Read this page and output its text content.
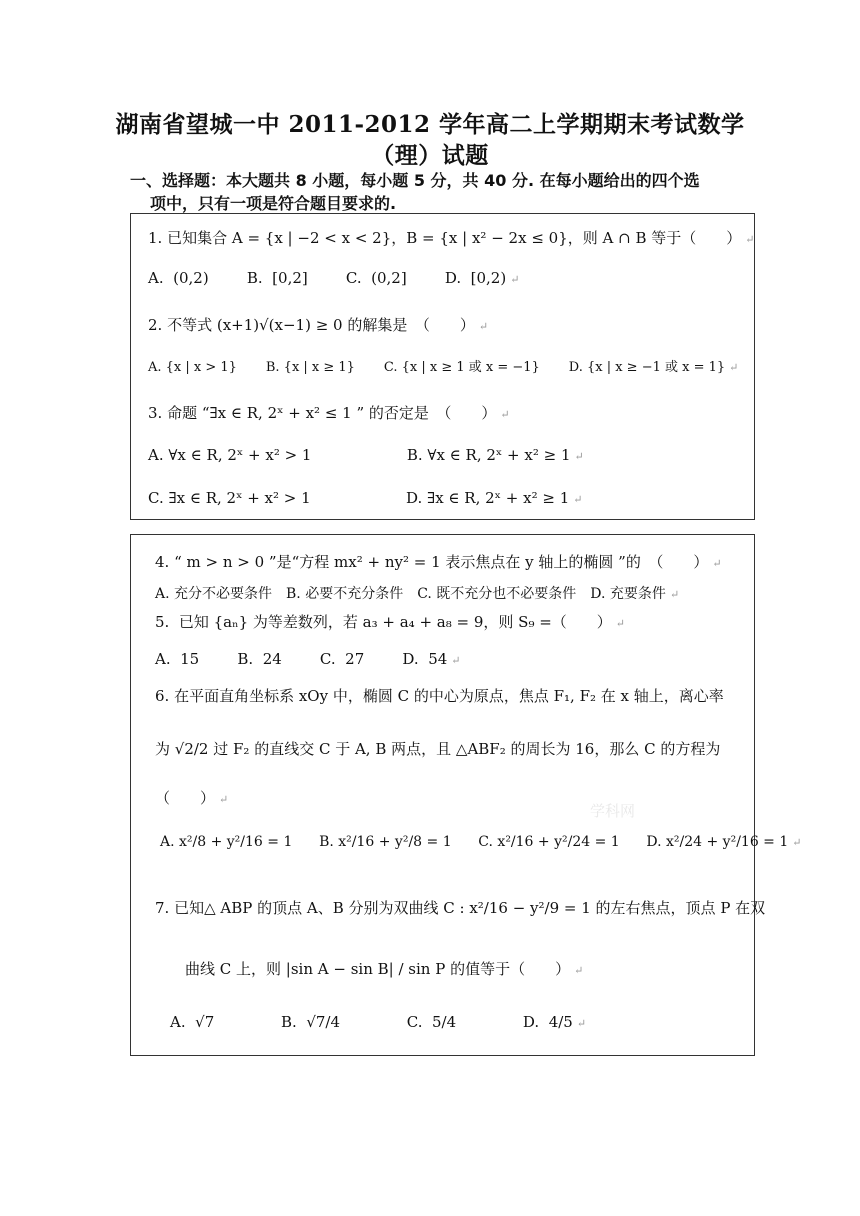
湖南省望城一中 2011-2012 学年高二上学期期末考试数学
（理）试题
一、选择题：本大题共 8 小题，每小题 5 分，共 40 分. 在每小题给出的四个选
项中，只有一项是符合题目要求的.
1. 已知集合 A = {x | −2 < x < 2}，B = {x | x² − 2x ≤ 0}，则 A ∩ B 等于（　　） ↵
A.  (0,2)        B.  [0,2]        C.  (0,2]        D.  [0,2) ↵
2. 不等式 (x+1)√(x−1) ≥ 0 的解集是　（　　） ↵
A. {x | x > 1}       B. {x | x ≥ 1}       C. {x | x ≥ 1 或 x = −1}       D. {x | x ≥ −1 或 x = 1} ↵
3. 命题 “∃x ∈ R, 2ˣ + x² ≤ 1 ” 的否定是　（　　） ↵
A. ∀x ∈ R, 2ˣ + x² > 1                    B. ∀x ∈ R, 2ˣ + x² ≥ 1 ↵
C. ∃x ∈ R, 2ˣ + x² > 1                    D. ∃x ∈ R, 2ˣ + x² ≥ 1 ↵
4. “ m > n > 0 ”是“方程 mx² + ny² = 1 表示焦点在 y 轴上的椭圆 ”的　（　　） ↵
A. 充分不必要条件　B. 必要不充分条件　C. 既不充分也不必要条件　D. 充要条件 ↵
5.  已知 {aₙ} 为等差数列，若 a₃ + a₄ + a₈ = 9，则 S₉ =（　　） ↵
A.  15        B.  24        C.  27        D.  54 ↵
6. 在平面直角坐标系 xOy 中，椭圆 C 的中心为原点，焦点 F₁, F₂ 在 x 轴上，离心率
为 √2/2 过 F₂ 的直线交 C 于 A, B 两点，且 △ABF₂ 的周长为 16，那么 C 的方程为
（　　） ↵
学科网
A. x²/8 + y²/16 = 1      B. x²/16 + y²/8 = 1      C. x²/16 + y²/24 = 1      D. x²/24 + y²/16 = 1 ↵
7. 已知△ ABP 的顶点 A、B 分别为双曲线 C : x²/16 − y²/9 = 1 的左右焦点，顶点 P 在双
曲线 C 上，则 |sin A − sin B| / sin P 的值等于（　　） ↵
A.  √7              B.  √7/4              C.  5/4              D.  4/5 ↵
